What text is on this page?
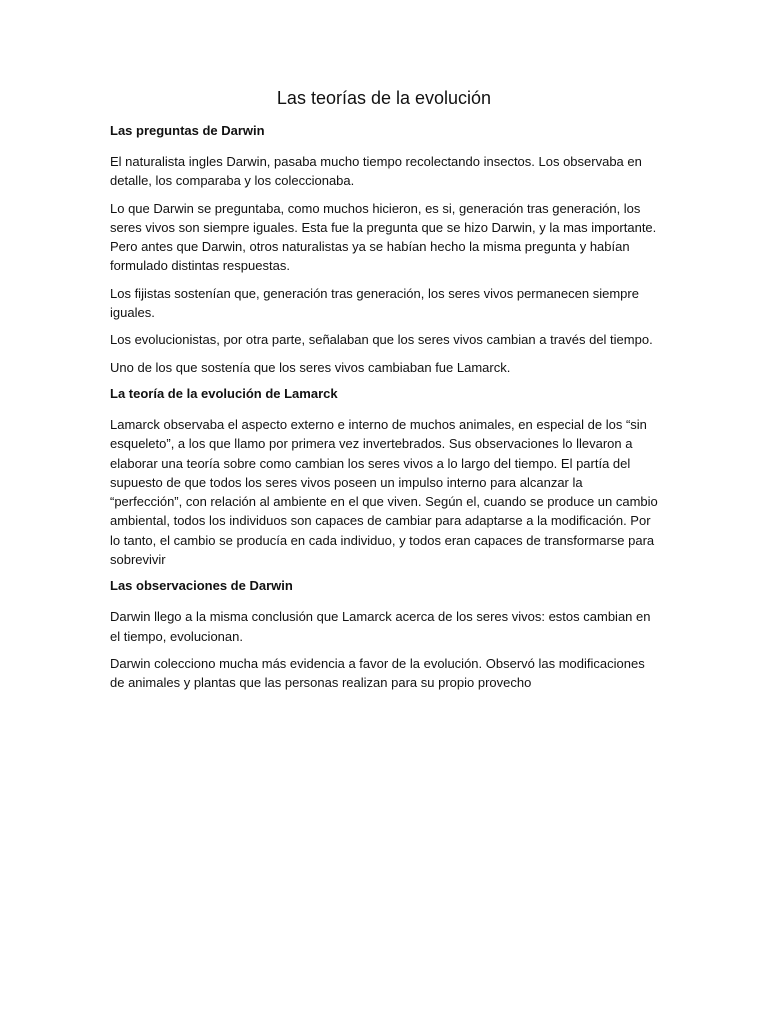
Las teorías de la evolución
Las preguntas de Darwin

El naturalista ingles Darwin, pasaba mucho tiempo recolectando insectos. Los observaba en detalle, los comparaba y los coleccionaba.

Lo que Darwin se preguntaba, como muchos hicieron, es si, generación tras generación, los seres vivos son siempre iguales. Esta fue la pregunta que se hizo Darwin, y la mas importante. Pero antes que Darwin, otros naturalistas ya se habían hecho la misma pregunta y habían formulado distintas respuestas.

Los fijistas sostenían que, generación tras generación, los seres vivos permanecen siempre iguales.

Los evolucionistas, por otra parte, señalaban que los seres vivos cambian a través del tiempo.

Uno de los que sostenía que los seres vivos cambiaban fue Lamarck.

La teoría de la evolución de Lamarck

Lamarck observaba el aspecto externo e interno de muchos animales, en especial de los “sin esqueleto”, a los que llamo por primera vez invertebrados. Sus observaciones lo llevaron a elaborar una teoría sobre como cambian los seres vivos a lo largo del tiempo. El partía del supuesto de que todos los seres vivos poseen un impulso interno para alcanzar la “perfección”, con relación al ambiente en el que viven. Según el, cuando se produce un cambio ambiental, todos los individuos son capaces de cambiar para adaptarse a la modificación. Por lo tanto, el cambio se producía en cada individuo, y todos eran capaces de transformarse para sobrevivir

Las observaciones de Darwin

Darwin llego a la misma conclusión que Lamarck acerca de los seres vivos: estos cambian en el tiempo, evolucionan.

Darwin colecciono mucha más evidencia a favor de la evolución. Observó las modificaciones de animales y plantas que las personas realizan para su propio provecho
